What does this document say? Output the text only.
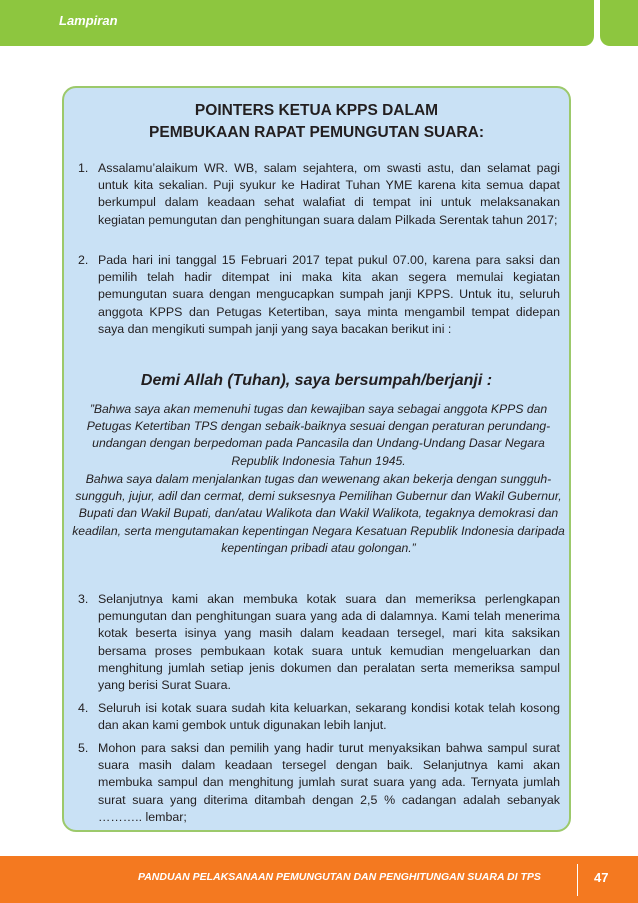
Lampiran
POINTERS KETUA KPPS DALAM
PEMBUKAAN RAPAT PEMUNGUTAN SUARA:
1. Assalamu’alaikum WR. WB, salam sejahtera, om swasti astu, dan selamat pagi untuk kita sekalian. Puji syukur ke Hadirat Tuhan YME karena kita semua dapat berkumpul dalam keadaan sehat walafiat di tempat ini untuk melaksanakan kegiatan pemungutan dan penghitungan suara dalam Pilkada Serentak tahun 2017;
2. Pada hari ini tanggal 15 Februari 2017 tepat pukul 07.00, karena para saksi dan pemilih telah hadir ditempat ini maka kita akan segera memulai kegiatan pemungutan suara dengan mengucapkan sumpah janji KPPS. Untuk itu, seluruh anggota KPPS dan Petugas Ketertiban, saya minta mengambil tempat didepan saya dan mengikuti sumpah janji yang saya bacakan berikut ini :
Demi Allah (Tuhan), saya bersumpah/berjanji :
”Bahwa saya akan memenuhi tugas dan kewajiban saya sebagai anggota KPPS dan Petugas Ketertiban TPS dengan sebaik-baiknya sesuai dengan peraturan perundang-undangan dengan berpedoman pada Pancasila dan Undang-Undang Dasar Negara Republik Indonesia Tahun 1945.
Bahwa saya dalam menjalankan tugas dan wewenang akan bekerja dengan sungguh-sungguh, jujur, adil dan cermat, demi suksesnya Pemilihan Gubernur dan Wakil Gubernur, Bupati dan Wakil Bupati, dan/atau Walikota dan Wakil Walikota, tegaknya demokrasi dan keadilan, serta mengutamakan kepentingan Negara Kesatuan Republik Indonesia daripada kepentingan pribadi atau golongan.”
3. Selanjutnya kami akan membuka kotak suara dan memeriksa perlengkapan pemungutan dan penghitungan suara yang ada di dalamnya. Kami telah menerima kotak beserta isinya yang masih dalam keadaan tersegel, mari kita saksikan bersama proses pembukaan kotak suara untuk kemudian mengeluarkan dan menghitung jumlah setiap jenis dokumen dan peralatan serta memeriksa sampul yang berisi Surat Suara.
4. Seluruh isi kotak suara sudah kita keluarkan, sekarang kondisi kotak telah kosong dan akan kami gembok untuk digunakan lebih lanjut.
5. Mohon para saksi dan pemilih yang hadir turut menyaksikan bahwa sampul surat suara masih dalam keadaan tersegel dengan baik. Selanjutnya kami akan membuka sampul dan menghitung jumlah surat suara yang ada. Ternyata jumlah surat suara yang diterima ditambah dengan 2,5 % cadangan adalah sebanyak ……….. lembar;
PANDUAN PELAKSANAAN PEMUNGUTAN DAN PENGHITUNGAN SUARA DI TPS	47
